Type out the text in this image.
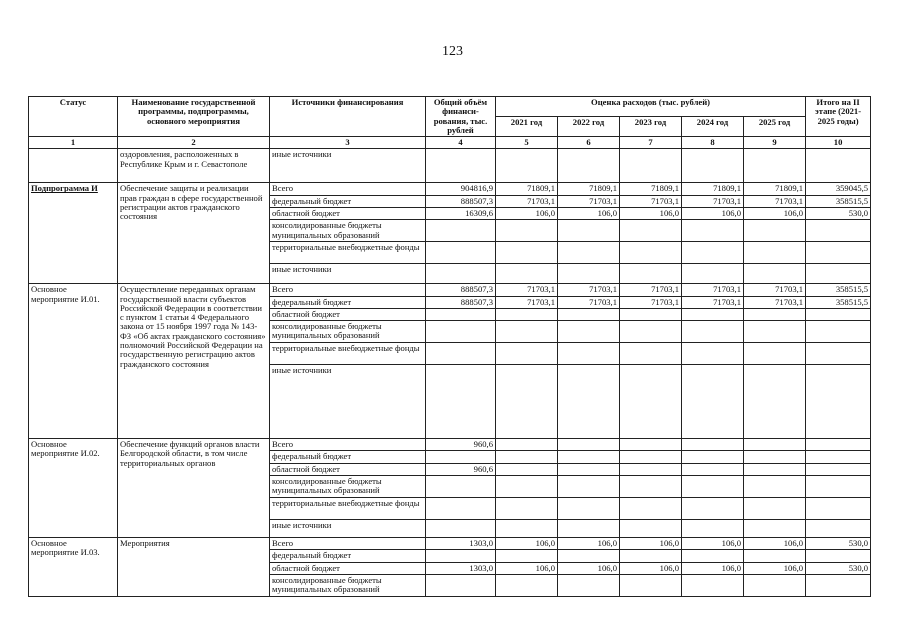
123
Статус	Наименование государственной программы, подпрограммы, основного мероприятия	Источники финансирования	Общий объём финанси-рования, тыс. рублей	Оценка расходов (тыс. рублей)					Итого на II этапе (2021-2025 годы)
				2021 год	2022 год	2023 год	2024 год	2025 год	
1	2	3	4	5	6	7	8	9	10
	оздоровления, расположенных в Республике Крым и г. Севастополе	иные источники							
Подпрограмма И	Обеспечение защиты и реализации прав граждан в сфере государственной регистрации актов гражданского состояния	Всего	904816,9	71809,1	71809,1	71809,1	71809,1	71809,1	359045,5
		федеральный бюджет	888507,3	71703,1	71703,1	71703,1	71703,1	71703,1	358515,5
		областной бюджет	16309,6	106,0	106,0	106,0	106,0	106,0	530,0
		консолидированные бюджеты муниципальных образований							
		территориальные внебюджетные фонды							
		иные источники							
Основное мероприятие И.01.	Осуществление переданных органам государственной власти субъектов Российской Федерации в соответствии с пунктом 1 статьи 4 Федерального закона от 15 ноября 1997 года № 143-ФЗ «Об актах гражданского состояния» полномочий Российской Федерации на государственную регистрацию актов гражданского состояния	Всего	888507,3	71703,1	71703,1	71703,1	71703,1	71703,1	358515,5
		федеральный бюджет	888507,3	71703,1	71703,1	71703,1	71703,1	71703,1	358515,5
		областной бюджет							
		консолидированные бюджеты муниципальных образований							
		территориальные внебюджетные фонды							
		иные источники							
Основное мероприятие И.02.	Обеспечение функций органов власти Белгородской области, в том числе территориальных органов	Всего	960,6						
		федеральный бюджет							
		областной бюджет	960,6						
		консолидированные бюджеты муниципальных образований							
		территориальные внебюджетные фонды							
		иные источники							
Основное мероприятие И.03.	Мероприятия	Всего	1303,0	106,0	106,0	106,0	106,0	106,0	530,0
		федеральный бюджет							
		областной бюджет	1303,0	106,0	106,0	106,0	106,0	106,0	530,0
		консолидированные бюджеты муниципальных образований							
